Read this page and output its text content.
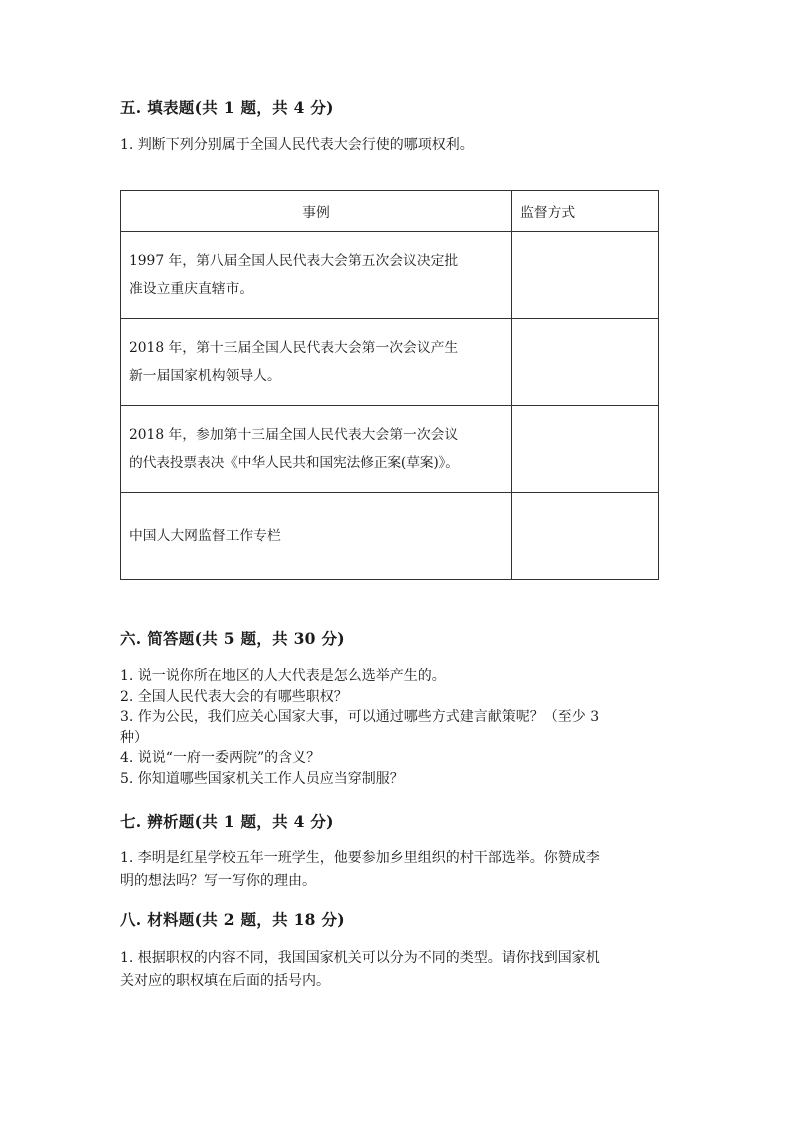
五. 填表题(共 1 题，共 4 分)
1. 判断下列分别属于全国人民代表大会行使的哪项权利。
事例	监督方式

1997 年，第八届全国人民代表大会第五次会议决定批
准设立重庆直辖市。	

2018 年，第十三届全国人民代表大会第一次会议产生
新一届国家机构领导人。	

2018 年，参加第十三届全国人民代表大会第一次会议
的代表投票表决《中华人民共和国宪法修正案(草案)》。	

中国人大网监督工作专栏	

六. 简答题(共 5 题，共 30 分)
1. 说一说你所在地区的人大代表是怎么选举产生的。
2. 全国人民代表大会的有哪些职权？
3. 作为公民，我们应关心国家大事，可以通过哪些方式建言献策呢？（至少 3
种）
4. 说说“一府一委两院”的含义？
5. 你知道哪些国家机关工作人员应当穿制服？
七. 辨析题(共 1 题，共 4 分)
1. 李明是红星学校五年一班学生，他要参加乡里组织的村干部选举。你赞成李
明的想法吗？写一写你的理由。
八. 材料题(共 2 题，共 18 分)
1. 根据职权的内容不同，我国国家机关可以分为不同的类型。请你找到国家机
关对应的职权填在后面的括号内。
